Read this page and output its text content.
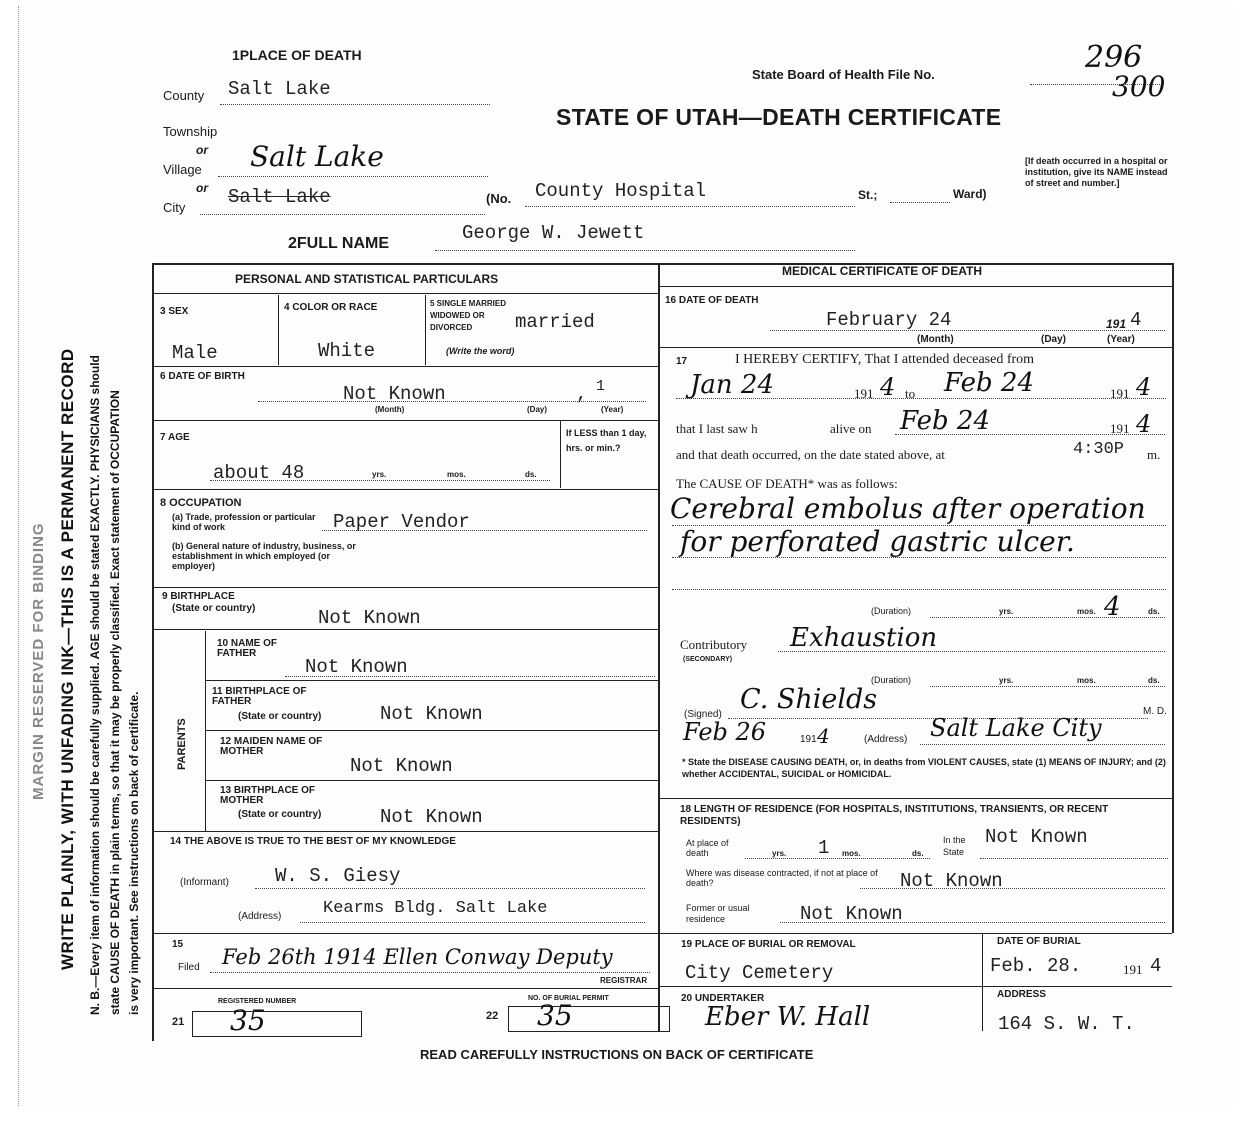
MARGIN RESERVED FOR BINDING WRITE PLAINLY, WITH UNFADING INK—THIS IS A PERMANENT RECORD N. B.—Every item of information should be carefully supplied. AGE should be stated EXACTLY. PHYSICIANS should state CAUSE OF DEATH in plain terms, so that it may be properly classified. Exact statement of OCCUPATION is very important. See instructions on back of certificate.
1PLACE OF DEATH
State Board of Health File No.	296
300
STATE OF UTAH—DEATH CERTIFICATE
County Salt Lake
Township
or
Village Salt Lake
or
City Salt Lake	(No. County Hospital	St.;	Ward)
[If death occurred in a hospital or institution, give its NAME instead of street and number.]
2FULL NAME	George W. Jewett
PERSONAL AND STATISTICAL PARTICULARS
3 SEX
Male
4 COLOR OR RACE
White
5 SINGLE MARRIED WIDOWED OR DIVORCED
(Write the word)
married
6 DATE OF BIRTH
Not Known	, 1
(Month)	(Day)	(Year)
7 AGE
about 48	yrs.	mos.	ds.
If LESS than 1 day, hrs. or min.?
8 OCCUPATION
(a) Trade, profession or particular kind of work	Paper Vendor
(b) General nature of industry, business, or establishment in which employed (or employer)
9 BIRTHPLACE
(State or country)	Not Known
PARENTS
10 NAME OF FATHER
Not Known
11 BIRTHPLACE OF FATHER
(State or country)	Not Known
12 MAIDEN NAME OF MOTHER
Not Known
13 BIRTHPLACE OF MOTHER
(State or country)	Not Known
14 THE ABOVE IS TRUE TO THE BEST OF MY KNOWLEDGE
(Informant) W. S. Giesy
(Address) Kearms Bldg. Salt Lake
15
Filed Feb 26th 1914 Ellen Conway Deputy
REGISTRAR
REGISTERED NUMBER
21 35
NO. OF BURIAL PERMIT
22 35
MEDICAL CERTIFICATE OF DEATH
16 DATE OF DEATH
February 24	191 4
(Month)	(Day)	(Year)
17	I HEREBY CERTIFY, That I attended deceased from
Jan 24	191 4 to Feb 24	191 4
that I last saw h	alive on Feb 24	191 4
and that death occurred, on the date stated above, at	4:30P m.
The CAUSE OF DEATH* was as follows:
Cerebral embolus after operation
for perforated gastric ulcer.
(Duration)	yrs.	mos. 4	ds.
Contributory
(SECONDARY)
Exhaustion
(Duration)	yrs.	mos.	ds.
(Signed) C. Shields	M. D.
Feb 26	191 4	(Address) Salt Lake City
* State the DISEASE CAUSING DEATH, or, in deaths from VIOLENT CAUSES, state (1) MEANS OF INJURY; and (2) whether ACCIDENTAL, SUICIDAL or HOMICIDAL.
18 LENGTH OF RESIDENCE (FOR HOSPITALS, INSTITUTIONS, TRANSIENTS, OR RECENT RESIDENTS)
At place of death	yrs. 1 mos.	ds.
In the State
Not Known
Where was disease contracted, if not at place of death?	Not Known
Former or usual residence	Not Known
19 PLACE OF BURIAL OR REMOVAL
City Cemetery
DATE OF BURIAL
Feb. 28.	191 4
20 UNDERTAKER
Eber W. Hall
ADDRESS
164 S. W. T.
READ CAREFULLY INSTRUCTIONS ON BACK OF CERTIFICATE
